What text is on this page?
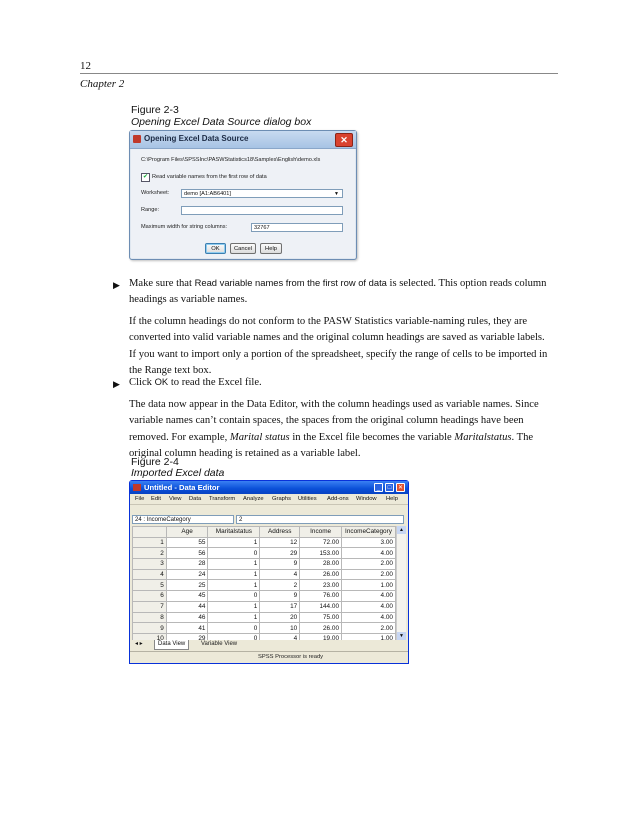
12
Chapter 2
Figure 2-3
Opening Excel Data Source dialog box
Opening Excel Data Source	✕
C:\Program Files\SPSSInc\PASWStatistics18\Samples\English\demo.xls
✔ Read variable names from the first row of data
Worksheet:	demo [A1:AB6401]	▼
Range:
Maximum width for string columns:	32767
OK	Cancel	Help
▶ Make sure that Read variable names from the first row of data is selected. This option reads column
headings as variable names.
If the column headings do not conform to the PASW Statistics variable-naming rules, they are
converted into valid variable names and the original column headings are saved as variable labels.
If you want to import only a portion of the spreadsheet, specify the range of cells to be imported in
the Range text box.
▶ Click OK to read the Excel file.
The data now appear in the Data Editor, with the column headings used as variable names. Since
variable names can’t contain spaces, the spaces from the original column headings have been
removed. For example, Marital status in the Excel file becomes the variable Maritalstatus. The
original column heading is retained as a variable label.
Figure 2-4
Imported Excel data
Untitled - Data Editor	_	□	✕
File Edit View Data Transform Analyze Graphs Utilities Add-ons Window Help
24 : IncomeCategory	2
	Age	Maritalstatus	Address	Income	IncomeCategory
1	55	1	12	72.00	3.00
2	56	0	29	153.00	4.00
3	28	1	9	28.00	2.00
4	24	1	4	26.00	2.00
5	25	1	2	23.00	1.00
6	45	0	9	76.00	4.00
7	44	1	17	144.00	4.00
8	46	1	20	75.00	4.00
9	41	0	10	26.00	2.00
10	29	0	4	19.00	1.00
▲
▼
◂ ▸	Data View	Variable View
SPSS Processor is ready
